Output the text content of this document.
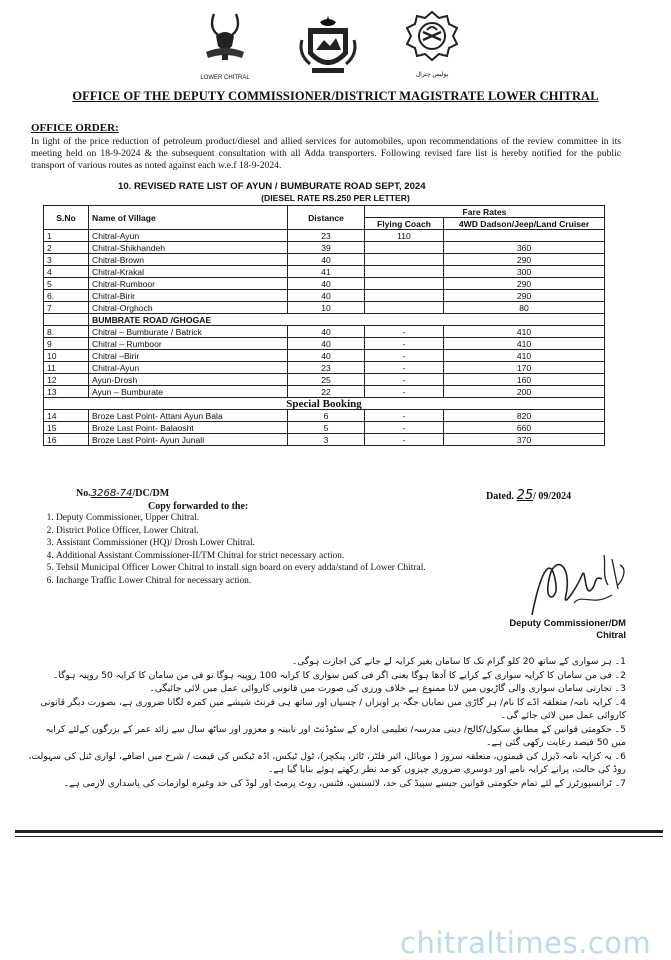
LOWER CHITRAL	پولیس چترال
OFFICE OF THE DEPUTY COMMISSIONER/DISTRICT MAGISTRATE LOWER CHITRAL
OFFICE ORDER:
In light of the price reduction of petroleum product/diesel and allied services for automobiles, upon recommendations of the review committee in its meeting held on 18-9-2024 & the subsequent consultation with all Adda transporters. Following revised fare list is hereby notified for the public transport of various routes as noted against each w.e.f 18-9-2024.
10. REVISED RATE LIST OF AYUN / BUMBURATE ROAD SEPT, 2024
(DIESEL RATE RS.250 PER LETTER)
S.No	Name of Village	Distance	Fare Rates	
			Flying Coach	4WD Dadson/Jeep/Land Cruiser
1	Chitral-Ayun	23	110	
2	Chitral-Shikhandeh	39		360
3	Chitral-Brown	40		290
4	Chitral-Krakal	41		300
5	Chitral-Rumboor	40		290
6.	Chitral-Birir	40		290
7	Chitral-Orghoch	10		80
	BUMBRATE ROAD /GHOGAE			
8.	Chitral – Bumburate / Batrick	40	-	410
9	Chitral – Rumboor	40	-	410
10	Chitral –Birir	40	-	410
11	Chitral-Ayun	23	-	170
12	Ayun-Drosh	25	-	160
13	Ayun – Bumburate	22	-	200
Special Booking				
14	Broze Last Point- Attani Ayun Bala	6	-	820
15	Broze Last Point- Balaosht	5	-	660
16	Broze Last Point- Ayun Junali	3	-	370
No.3268-74/DC/DM	Dated. 25/ 09/2024
Copy forwarded to the:
1. Deputy Commissioner, Upper Chitral.
2. District Police Officer, Lower Chitral.
3. Assistant Commissioner (HQ)/ Drosh Lower Chitral.
4. Additional Assistant Commissioner-II/TM Chitral for strict necessary action.
5. Tehsil Municipal Officer Lower Chitral to install sign board on every adda/stand of Lower Chitral.
6. Incharge Traffic Lower Chitral for necessary action.
Deputy Commissioner/DM
Chitral

1۔ ہر سواری کے ساتھ 20 کلو گرام تک کا سامان بغیر کرایہ لے جانے کی اجازت ہوگی۔

2۔ فی من سامان کا کرایہ سواری کے کرایے کا آدھا ہوگا یعنی اگر فی کس سواری کا کرایہ 100 روپیہ ہوگا تو فی من سامان کا کرایہ 50 روپیہ ہوگا۔

3۔ تجارتی سامان سواری والی گاڑیوں میں لانا ممنوع ہے خلاف ورزی کی صورت میں قانونی کاروائی عمل میں لائی جائیگی۔

4۔ کرایہ نامہ/ متعلقہ اڈے کا نام/ ہر گاڑی میں نمایاں جگہ پر اویزاں / چسپاں اور ساتھ ہی فرنٹ شیشے میں کمرہ لگانا ضروری ہے، بصورت دیگر قانونی کاروائی عمل میں لائی جائے گی۔

5۔ حکومتی قوانین کے مطابق سکول/کالج/ دینی مدرسہ/ تعلیمی ادارہ کے سٹوڈنٹ اور نابینہ و معزور اور ساٹھ سال سے زائد عمر کے بزرگوں کےلئے کرایہ میں 50 فیصد رعایت رکھی گئی ہے۔

6۔ یہ کرایہ نامہ ڈیزل کی قیمتوں، متعلقہ سروز ( موبائل، ائیر فلٹر، ٹائر، پنکچر)، ٹول ٹیکس، اڈہ ٹیکس کی قیمت / شرح میں اضافے، لواری ٹنل کی سہولت، روڈ کی حالت، پرانے کرایہ نامے اور دوسری ضروری چیزوں کو مد نظر رکھتے ہوئے بنایا گیا ہے۔

7۔ ٹرانسپورٹرز کے لئے تمام حکومتی قوانین جیسے سپیڈ کی حد، لائسنس، فٹنس، روٹ پرمٹ اور لوڈ کی حد وغیرہ لوازمات کی پاسداری لازمی ہے۔

chitraltimes.com
